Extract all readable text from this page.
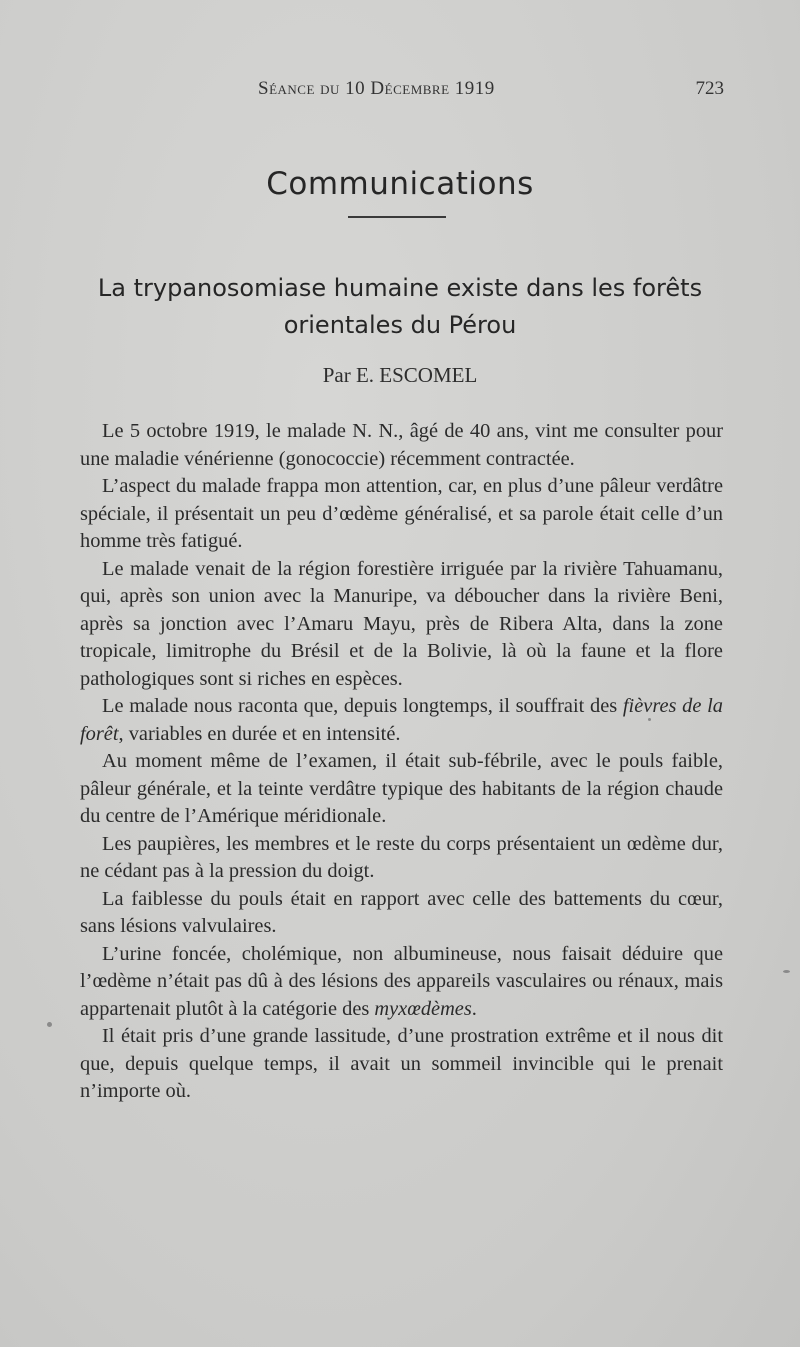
Séance du 10 Décembre 1919	723
Communications
La trypanosomiase humaine existe dans les forêts orientales du Pérou
Par E. ESCOMEL

Le 5 octobre 1919, le malade N. N., âgé de 40 ans, vint me consulter pour une maladie vénérienne (gonococcie) récemment contractée.

L’aspect du malade frappa mon attention, car, en plus d’une pâleur verdâtre spéciale, il présentait un peu d’œdème généralisé, et sa parole était celle d’un homme très fatigué.

Le malade venait de la région forestière irriguée par la rivière Tahuamanu, qui, après son union avec la Manuripe, va déboucher dans la rivière Beni, après sa jonction avec l’Amaru Mayu, près de Ribera Alta, dans la zone tropicale, limitrophe du Brésil et de la Bolivie, là où la faune et la flore pathologiques sont si riches en espèces.

Le malade nous raconta que, depuis longtemps, il souffrait des fièvres de la forêt, variables en durée et en intensité.

Au moment même de l’examen, il était sub-fébrile, avec le pouls faible, pâleur générale, et la teinte verdâtre typique des habitants de la région chaude du centre de l’Amérique méridionale.

Les paupières, les membres et le reste du corps présentaient un œdème dur, ne cédant pas à la pression du doigt.

La faiblesse du pouls était en rapport avec celle des battements du cœur, sans lésions valvulaires.

L’urine foncée, cholémique, non albumineuse, nous faisait déduire que l’œdème n’était pas dû à des lésions des appareils vasculaires ou rénaux, mais appartenait plutôt à la catégorie des myxœdèmes.

Il était pris d’une grande lassitude, d’une prostration extrême et il nous dit que, depuis quelque temps, il avait un sommeil invincible qui le prenait n’importe où.
